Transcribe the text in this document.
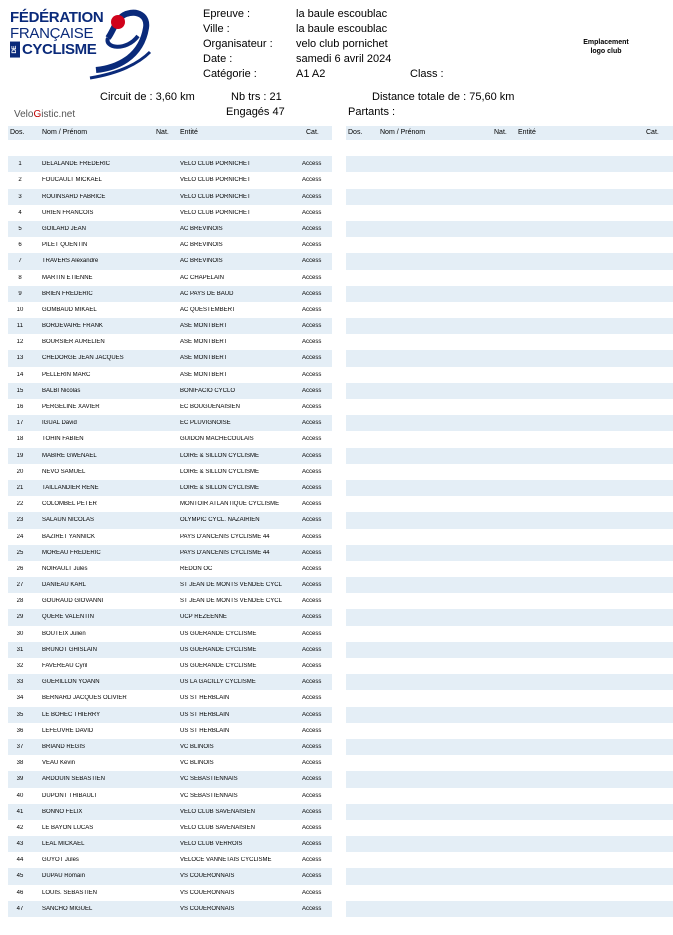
FÉDÉRATION
FRANÇAISE
DE CYCLISME
Epreuve :	la baule escoublac
Ville :	la baule escoublac
Organisateur : velo club pornichet
Date :	samedi 6 avril 2024
Catégorie :	A1 A2	Class :
Emplacement
logo club
Circuit de : 3,60 km	Nb trs : 21	Distance totale de : 75,60 km
Engagés 47	Partants :
VeloGistic.net
Dos.	Nom / Prénom	Nat. Entité	Cat.
1	DELALANDE FREDERIC	VELO CLUB PORNICHET	Access
2	FOUCAULT MICKAEL	VELO CLUB PORNICHET	Access
3	ROUINSARD FABRICE	VELO CLUB PORNICHET	Access
4	URIEN FRANCOIS	VELO CLUB PORNICHET	Access
5	GOILARD JEAN	AC BREVINOIS	Access
6	PILET QUENTIN	AC BREVINOIS	Access
7	TRAVERS Alexandre	AC BREVINOIS	Access
8	MARTIN ETIENNE	AC CHAPELAIN	Access
9	BRIEN FREDERIC	AC PAYS DE BAUD	Access
10	GOMBAUD MIKAEL	AC QUESTEMBERT	Access
11	BORDEVAIRE FRANK	ASE MONTBERT	Access
12	BOURSIER AURELIEN	ASE MONTBERT	Access
13	CHEDORGE JEAN JACQUES	ASE MONTBERT	Access
14	PELLERIN MARC	ASE MONTBERT	Access
15	BALBI Nicolas	BONIFACIO CYCLO	Access
16	PERGELINE XAVIER	EC BOUGUENAISIEN	Access
17	IGUAL David	EC PLUVIGNOISE	Access
18	TOHIN FABIEN	GUIDON MACHECOULAIS	Access
19	MABIRE GWENAEL	LOIRE & SILLON CYCLISME	Access
20	NEVO SAMUEL	LOIRE & SILLON CYCLISME	Access
21	TAILLANDIER RENE	LOIRE & SILLON CYCLISME	Access
22	COLOMBEL PETER	MONTOIR ATLANTIQUE CYCLISME	Access
23	SALAÜN NICOLAS	OLYMPIC CYCL. NAZAIRIEN	Access
24	BAZIRET YANNICK	PAYS D'ANCENIS CYCLISME 44	Access
25	MOREAU FREDERIC	PAYS D'ANCENIS CYCLISME 44	Access
26	NOIRAULT Jules	REDON OC	Access
27	DANIEAU KARL	ST JEAN DE MONTS VENDEE CYCL	Access
28	GOURAUD GIOVANNI	ST JEAN DE MONTS VENDEE CYCL	Access
29	QUERE VALENTIN	UCP REZEENNE	Access
30	BOUTEIX Julien	US GUERANDE CYCLISME	Access
31	BRUNOT GHISLAIN	US GUERANDE CYCLISME	Access
32	FAVEREAU Cyril	US GUERANDE CYCLISME	Access
33	GUERILLON YOANN	US LA GACILLY CYCLISME	Access
34	BERNARD JACQUES OLIVIER	US ST HERBLAIN	Access
35	LE BOHEC THIERRY	US ST HERBLAIN	Access
36	LEFEUVRE DAVID	US ST HERBLAIN	Access
37	BRIAND REGIS	VC BLINOIS	Access
38	VEAU Kevin	VC BLINOIS	Access
39	ARDOUIN SEBASTIEN	VC SEBASTIENNAIS	Access
40	DUPONT THIBAULT	VC SEBASTIENNAIS	Access
41	BONNO FELIX	VELO CLUB SAVENAISIEN	Access
42	LE BAYON LUCAS	VELO CLUB SAVENAISIEN	Access
43	LEAL MICKAEL	VELO CLUB VERROIS	Access
44	GUYOT Jules	VELOCE VANNETAIS CYCLISME	Access
45	DUPAU Romain	VS COUERONNAIS	Access
46	LOUIS. SEBASTIEN	VS COUERONNAIS	Access
47	SANCHO MIGUEL	VS COUERONNAIS	Access
Dos.	Nom / Prénom	Nat. Entité	Cat.
